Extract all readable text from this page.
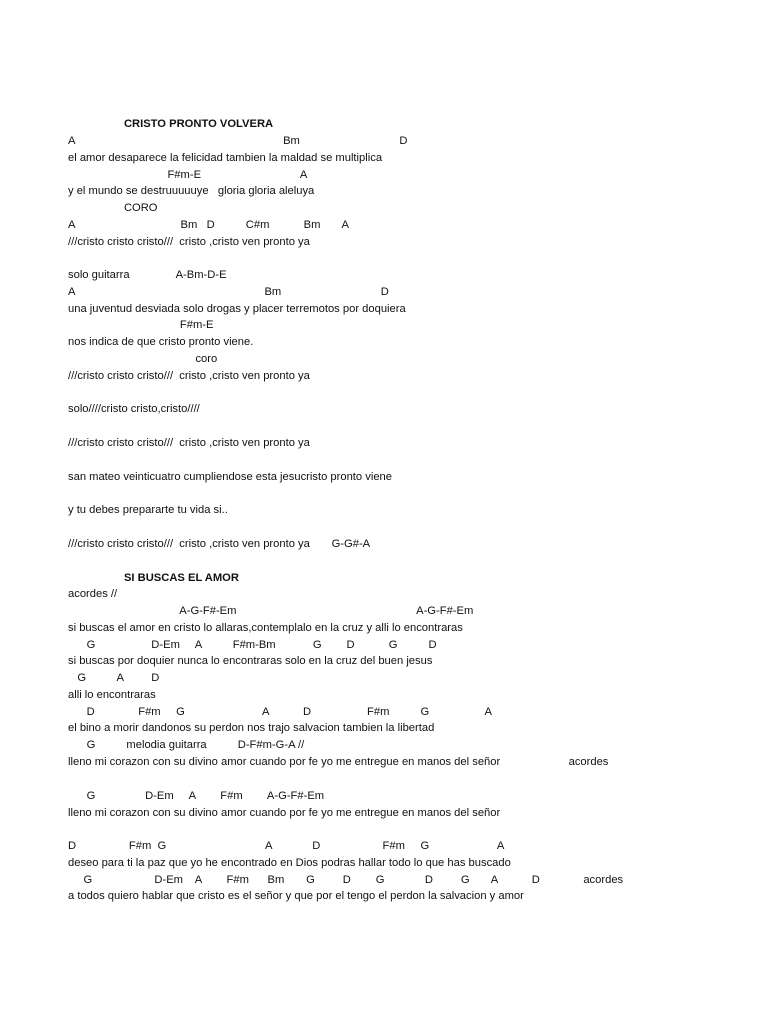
CRISTO PRONTO VOLVERA
A                                                                   Bm                                D
el amor desaparece la felicidad tambien la maldad se multiplica
F#m-E                                A
y el mundo se destruuuuuye   gloria gloria aleluya
CORO
A                                  Bm   D          C#m           Bm       A
///cristo cristo cristo///  cristo ,cristo ven pronto ya
solo guitarra               A-Bm-D-E
A                                                             Bm                                D
una juventud desviada solo drogas y placer terremotos por doquiera
F#m-E
nos indica de que cristo pronto viene.
coro
///cristo cristo cristo///  cristo ,cristo ven pronto ya
solo////cristo cristo,cristo////
///cristo cristo cristo///  cristo ,cristo ven pronto ya
san mateo veinticuatro cumpliendose esta jesucristo pronto viene
y tu debes prepararte tu vida si..
///cristo cristo cristo///  cristo ,cristo ven pronto ya       G-G#-A
SI BUSCAS EL AMOR
acordes //
A-G-F#-Em                                                          A-G-F#-Em
si buscas el amor en cristo lo allaras,contemplalo en la cruz y alli lo encontraras
G                  D-Em     A          F#m-Bm            G        D           G          D
si buscas por doquier nunca lo encontraras solo en la cruz del buen jesus
G          A         D
alli lo encontraras
D              F#m     G                         A           D                  F#m          G                  A
el bino a morir dandonos su perdon nos trajo salvacion tambien la libertad
G          melodia guitarra          D-F#m-G-A //
lleno mi corazon con su divino amor cuando por fe yo me entregue en manos del señor                      acordes
G                D-Em     A        F#m        A-G-F#-Em
lleno mi corazon con su divino amor cuando por fe yo me entregue en manos del señor
D                 F#m  G                                A             D                    F#m     G                      A
deseo para ti la paz que yo he encontrado en Dios podras hallar todo lo que has buscado
G                    D-Em    A        F#m      Bm       G         D        G             D         G       A           D              acordes
a todos quiero hablar que cristo es el señor y que por el tengo el perdon la salvacion y amor
